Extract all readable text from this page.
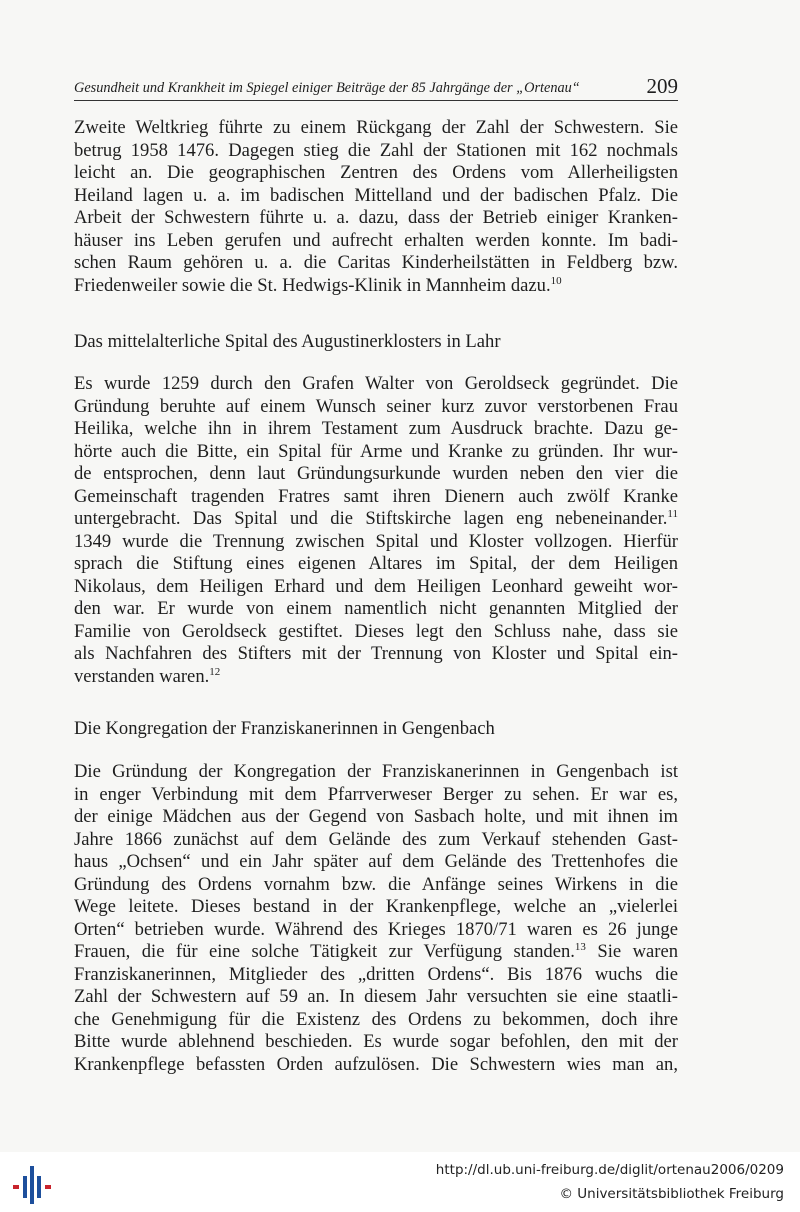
Gesundheit und Krankheit im Spiegel einiger Beiträge der 85 Jahrgänge der „Ortenau“	209
Zweite Weltkrieg führte zu einem Rückgang der Zahl der Schwestern. Sie
betrug 1958 1476. Dagegen stieg die Zahl der Stationen mit 162 nochmals
leicht an. Die geographischen Zentren des Ordens vom Allerheiligsten
Heiland lagen u. a. im badischen Mittelland und der badischen Pfalz. Die
Arbeit der Schwestern führte u. a. dazu, dass der Betrieb einiger Kranken-
häuser ins Leben gerufen und aufrecht erhalten werden konnte. Im badi-
schen Raum gehören u. a. die Caritas Kinderheilstätten in Feldberg bzw.
Friedenweiler sowie die St. Hedwigs-Klinik in Mannheim dazu.$^{10}$
Das mittelalterliche Spital des Augustinerklosters in Lahr
Es wurde 1259 durch den Grafen Walter von Geroldseck gegründet. Die
Gründung beruhte auf einem Wunsch seiner kurz zuvor verstorbenen Frau
Heilika, welche ihn in ihrem Testament zum Ausdruck brachte. Dazu ge-
hörte auch die Bitte, ein Spital für Arme und Kranke zu gründen. Ihr wur-
de entsprochen, denn laut Gründungsurkunde wurden neben den vier die
Gemeinschaft tragenden Fratres samt ihren Dienern auch zwölf Kranke
untergebracht. Das Spital und die Stiftskirche lagen eng nebeneinander.$^{11}$
1349 wurde die Trennung zwischen Spital und Kloster vollzogen. Hierfür
sprach die Stiftung eines eigenen Altares im Spital, der dem Heiligen
Nikolaus, dem Heiligen Erhard und dem Heiligen Leonhard geweiht wor-
den war. Er wurde von einem namentlich nicht genannten Mitglied der
Familie von Geroldseck gestiftet. Dieses legt den Schluss nahe, dass sie
als Nachfahren des Stifters mit der Trennung von Kloster und Spital ein-
verstanden waren.$^{12}$
Die Kongregation der Franziskanerinnen in Gengenbach
Die Gründung der Kongregation der Franziskanerinnen in Gengenbach ist
in enger Verbindung mit dem Pfarrverweser Berger zu sehen. Er war es,
der einige Mädchen aus der Gegend von Sasbach holte, und mit ihnen im
Jahre 1866 zunächst auf dem Gelände des zum Verkauf stehenden Gast-
haus „Ochsen“ und ein Jahr später auf dem Gelände des Trettenhofes die
Gründung des Ordens vornahm bzw. die Anfänge seines Wirkens in die
Wege leitete. Dieses bestand in der Krankenpflege, welche an „vielerlei
Orten“ betrieben wurde. Während des Krieges 1870/71 waren es 26 junge
Frauen, die für eine solche Tätigkeit zur Verfügung standen.$^{13}$ Sie waren
Franziskanerinnen, Mitglieder des „dritten Ordens“. Bis 1876 wuchs die
Zahl der Schwestern auf 59 an. In diesem Jahr versuchten sie eine staatli-
che Genehmigung für die Existenz des Ordens zu bekommen, doch ihre
Bitte wurde ablehnend beschieden. Es wurde sogar befohlen, den mit der
Krankenpflege befassten Orden aufzulösen. Die Schwestern wies man an,
http://dl.ub.uni-freiburg.de/diglit/ortenau2006/0209
© Universitätsbibliothek Freiburg
